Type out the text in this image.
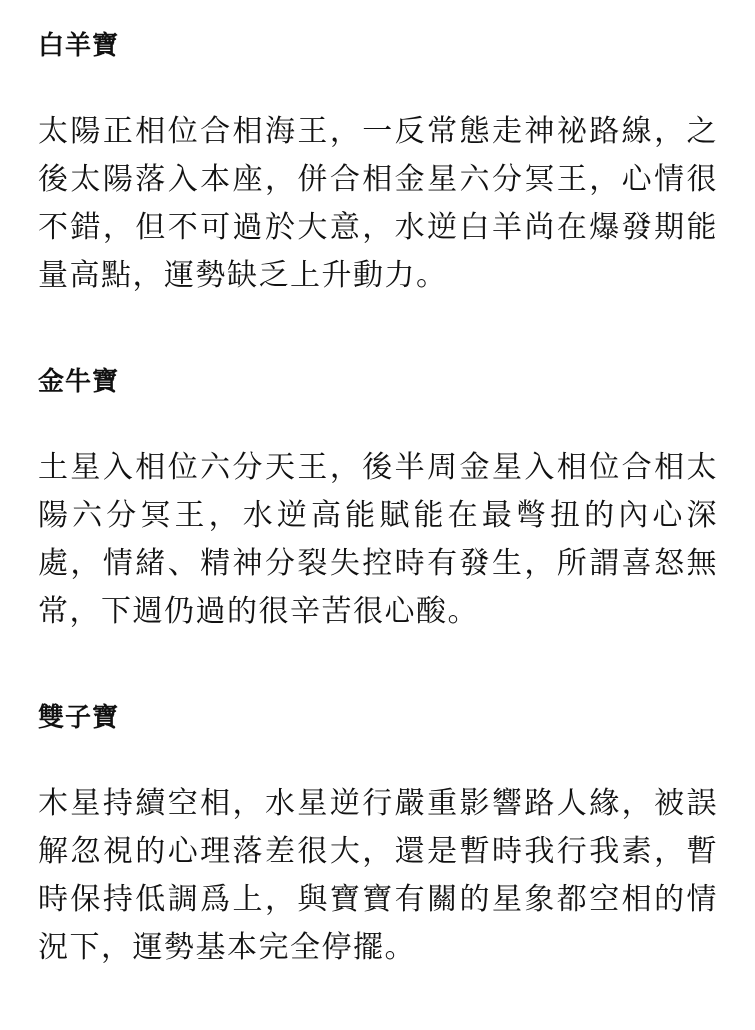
白羊寶
太陽正相位合相海王，一反常態走神祕路線，之後太陽落入本座，併合相金星六分冥王，心情很不錯，但不可過於大意，水逆白羊尚在爆發期能量高點，運勢缺乏上升動力。
金牛寶
土星入相位六分天王，後半周金星入相位合相太陽六分冥王，水逆高能賦能在最彆扭的內心深處，情緒、精神分裂失控時有發生，所謂喜怒無常，下週仍過的很辛苦很心酸。
雙子寶
木星持續空相，水星逆行嚴重影響路人緣，被誤解忽視的心理落差很大，還是暫時我行我素，暫時保持低調爲上，與寶寶有關的星象都空相的情況下，運勢基本完全停擺。
